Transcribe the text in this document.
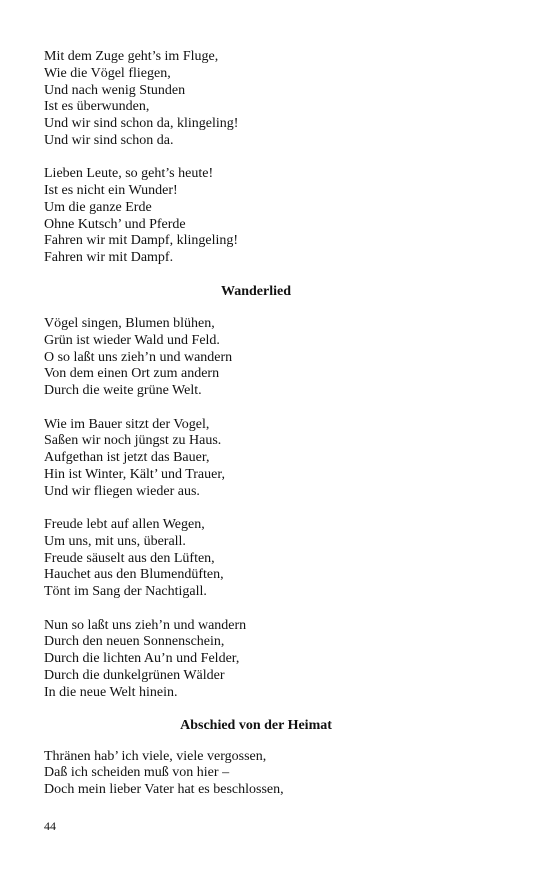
Mit dem Zuge geht’s im Fluge,
Wie die Vögel fliegen,
Und nach wenig Stunden
Ist es überwunden,
Und wir sind schon da, klingeling!
Und wir sind schon da.
Lieben Leute, so geht’s heute!
Ist es nicht ein Wunder!
Um die ganze Erde
Ohne Kutsch’ und Pferde
Fahren wir mit Dampf, klingeling!
Fahren wir mit Dampf.
Wanderlied
Vögel singen, Blumen blühen,
Grün ist wieder Wald und Feld.
O so laßt uns zieh’n und wandern
Von dem einen Ort zum andern
Durch die weite grüne Welt.
Wie im Bauer sitzt der Vogel,
Saßen wir noch jüngst zu Haus.
Aufgethan ist jetzt das Bauer,
Hin ist Winter, Kält’ und Trauer,
Und wir fliegen wieder aus.
Freude lebt auf allen Wegen,
Um uns, mit uns, überall.
Freude säuselt aus den Lüften,
Hauchet aus den Blumendüften,
Tönt im Sang der Nachtigall.
Nun so laßt uns zieh’n und wandern
Durch den neuen Sonnenschein,
Durch die lichten Au’n und Felder,
Durch die dunkelgrünen Wälder
In die neue Welt hinein.
Abschied von der Heimat
Thränen hab’ ich viele, viele vergossen,
Daß ich scheiden muß von hier –
Doch mein lieber Vater hat es beschlossen,
44
